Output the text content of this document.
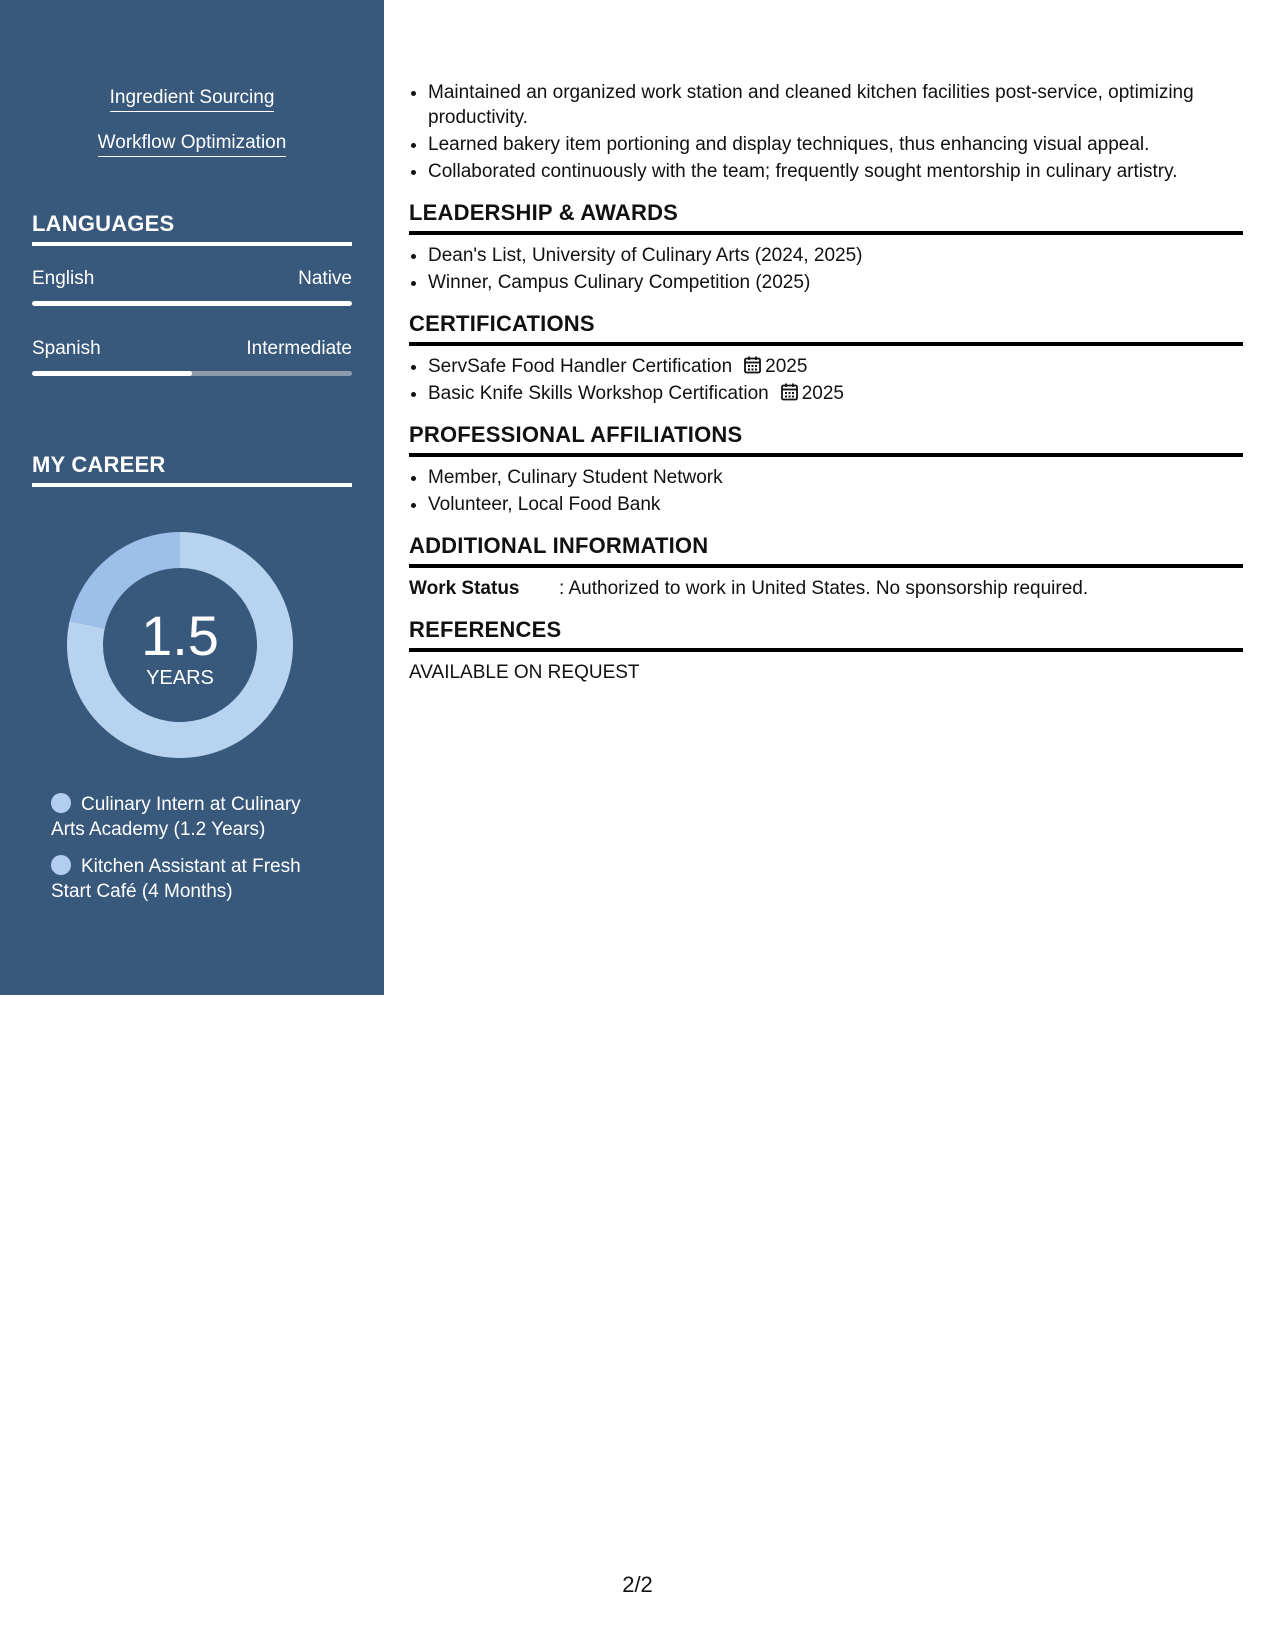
Ingredient Sourcing
Workflow Optimization
LANGUAGES
English	Native
Spanish	Intermediate
MY CAREER
1.5
YEARS
Culinary Intern at Culinary Arts Academy (1.2 Years)
Kitchen Assistant at Fresh Start Café (4 Months)
• Maintained an organized work station and cleaned kitchen facilities post-service, optimizing productivity.
• Learned bakery item portioning and display techniques, thus enhancing visual appeal.
• Collaborated continuously with the team; frequently sought mentorship in culinary artistry.
LEADERSHIP & AWARDS
• Dean's List, University of Culinary Arts (2024, 2025)
• Winner, Campus Culinary Competition (2025)
CERTIFICATIONS
• ServSafe Food Handler Certification 2025
• Basic Knife Skills Workshop Certification 2025
PROFESSIONAL AFFILIATIONS
• Member, Culinary Student Network
• Volunteer, Local Food Bank
ADDITIONAL INFORMATION
Work Status : Authorized to work in United States. No sponsorship required.
REFERENCES
AVAILABLE ON REQUEST
2/2
